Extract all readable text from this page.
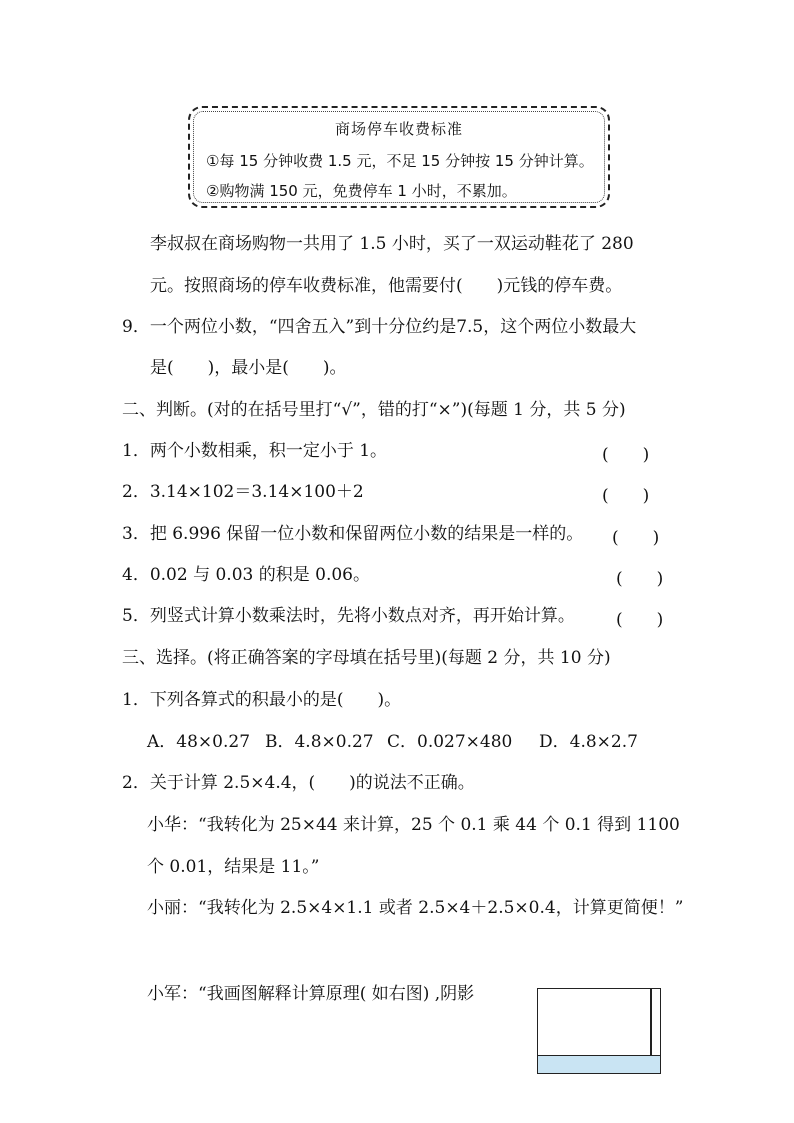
商场停车收费标准
①每 15 分钟收费 1.5 元，不足 15 分钟按 15 分钟计算。
②购物满 150 元，免费停车 1 小时，不累加。
李叔叔在商场购物一共用了 1.5 小时，买了一双运动鞋花了 280
元。按照商场的停车收费标准，他需要付(　　)元钱的停车费。
9．一个两位小数，“四舍五入”到十分位约是7.5，这个两位小数最大
是(　　)，最小是(　　)。
二、判断。(对的在括号里打“√”，错的打“×”)(每题 1 分，共 5 分)
1．两个小数相乘，积一定小于 1。	(　　)
2．3.14×102＝3.14×100＋2	(　　)
3．把 6.996 保留一位小数和保留两位小数的结果是一样的。 (　　)
4．0.02 与 0.03 的积是 0.06。	(　　)
5．列竖式计算小数乘法时，先将小数点对齐，再开始计算。 (　　)
三、选择。(将正确答案的字母填在括号里)(每题 2 分，共 10 分)
1．下列各算式的积最小的是(　　)。
A．48×0.27 B．4.8×0.27 C．0.027×480 D．4.8×2.7
2．关于计算 2.5×4.4，(　　)的说法不正确。
小华：“我转化为 25×44 来计算，25 个 0.1 乘 44 个 0.1 得到 1100
个 0.01，结果是 11。”
小丽：“我转化为 2.5×4×1.1 或者 2.5×4＋2.5×0.4，计算更简便！”
小军：“我画图解释计算原理( 如右图) ,阴影
